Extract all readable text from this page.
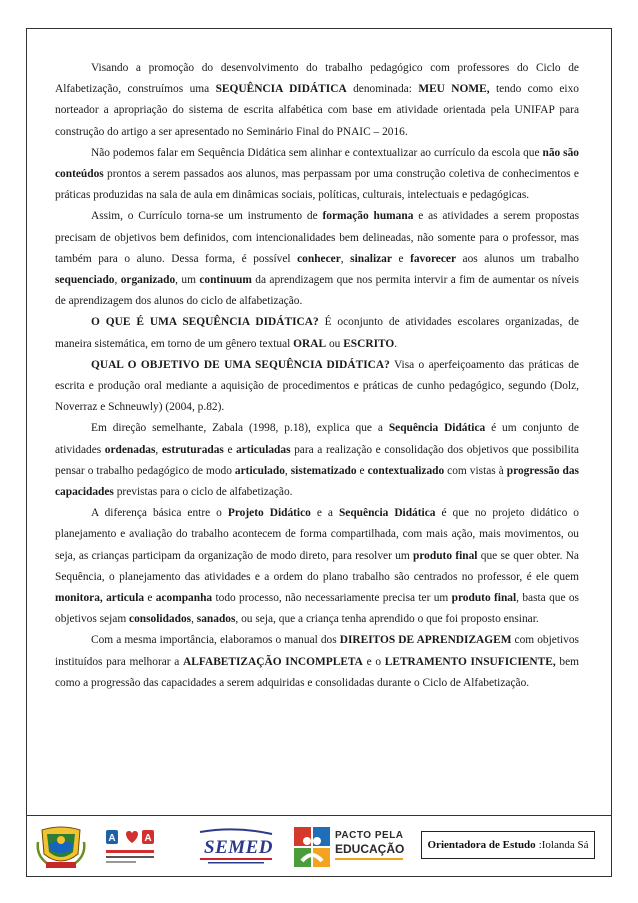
Visando a promoção do desenvolvimento do trabalho pedagógico com professores do Ciclo de Alfabetização, construímos uma SEQUÊNCIA DIDÁTICA denominada: MEU NOME, tendo como eixo norteador a apropriação do sistema de escrita alfabética com base em atividade orientada pela UNIFAP para construção do artigo a ser apresentado no Seminário Final do PNAIC – 2016.

Não podemos falar em Sequência Didática sem alinhar e contextualizar ao currículo da escola que não são conteúdos prontos a serem passados aos alunos, mas perpassam por uma construção coletiva de conhecimentos e práticas produzidas na sala de aula em dinâmicas sociais, políticas, culturais, intelectuais e pedagógicas.

Assim, o Currículo torna-se um instrumento de formação humana e as atividades a serem propostas precisam de objetivos bem definidos, com intencionalidades bem delineadas, não somente para o professor, mas também para o aluno. Dessa forma, é possível conhecer, sinalizar e favorecer aos alunos um trabalho sequenciado, organizado, um continuum da aprendizagem que nos permita intervir a fim de aumentar os níveis de aprendizagem dos alunos do ciclo de alfabetização.

O QUE É UMA SEQUÊNCIA DIDÁTICA? É oconjunto de atividades escolares organizadas, de maneira sistemática, em torno de um gênero textual ORAL ou ESCRITO.

QUAL O OBJETIVO DE UMA SEQUÊNCIA DIDÁTICA? Visa o aperfeiçoamento das práticas de escrita e produção oral mediante a aquisição de procedimentos e práticas de cunho pedagógico, segundo (Dolz, Noverraz e Schneuwly) (2004, p.82).

Em direção semelhante, Zabala (1998, p.18), explica que a Sequência Didática é um conjunto de atividades ordenadas, estruturadas e articuladas para a realização e consolidação dos objetivos que possibilita pensar o trabalho pedagógico de modo articulado, sistematizado e contextualizado com vistas à progressão das capacidades previstas para o ciclo de alfabetização.

A diferença básica entre o Projeto Didático e a Sequência Didática é que no projeto didático o planejamento e avaliação do trabalho acontecem de forma compartilhada, com mais ação, mais movimentos, ou seja, as crianças participam da organização de modo direto, para resolver um produto final que se quer obter. Na Sequência, o planejamento das atividades e a ordem do plano trabalho são centrados no professor, é ele quem monitora, articula e acompanha todo processo, não necessariamente precisa ter um produto final, basta que os objetivos sejam consolidados, sanados, ou seja, que a criança tenha aprendido o que foi proposto ensinar.

Com a mesma importância, elaboramos o manual dos DIREITOS DE APRENDIZAGEM com objetivos instituídos para melhorar a ALFABETIZAÇÃO INCOMPLETA e o LETRAMENTO INSUFICIENTE, bem como a progressão das capacidades a serem adquiridas e consolidadas durante o Ciclo de Alfabetização.

A	A	SEMED
PACTO PELA
EDUCAÇÃO Orientadora de Estudo : Iolanda Sá
